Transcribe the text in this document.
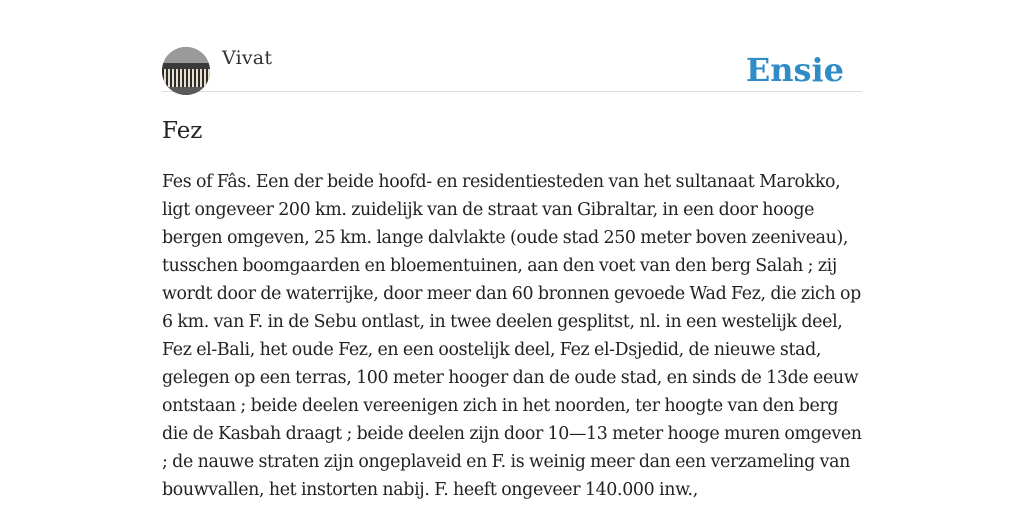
Vivat	Ensie
Fez

Fes of Fâs. Een der beide hoofd- en residentiesteden van het sultanaat Marokko, ligt ongeveer 200 km. zuidelijk van de straat van Gibraltar, in een door hooge bergen omgeven, 25 km. lange dalvlakte (oude stad 250 meter boven zeeniveau), tusschen boomgaarden en bloementuinen, aan den voet van den berg Salah ; zij wordt door de waterrijke, door meer dan 60 bronnen gevoede Wad Fez, die zich op 6 km. van F. in de Sebu ontlast, in twee deelen gesplitst, nl. in een westelijk deel, Fez el-Bali, het oude Fez, en een oostelijk deel, Fez el-Dsjedid, de nieuwe stad, gelegen op een terras, 100 meter hooger dan de oude stad, en sinds de 13de eeuw ontstaan ; beide deelen vereenigen zich in het noorden, ter hoogte van den berg die de Kasbah draagt ; beide deelen zijn door 10—13 meter hooge muren omgeven ; de nauwe straten zijn ongeplaveid en F. is weinig meer dan een verzameling van bouwvallen, het instorten nabij. F. heeft ongeveer 140.000 inw.,
